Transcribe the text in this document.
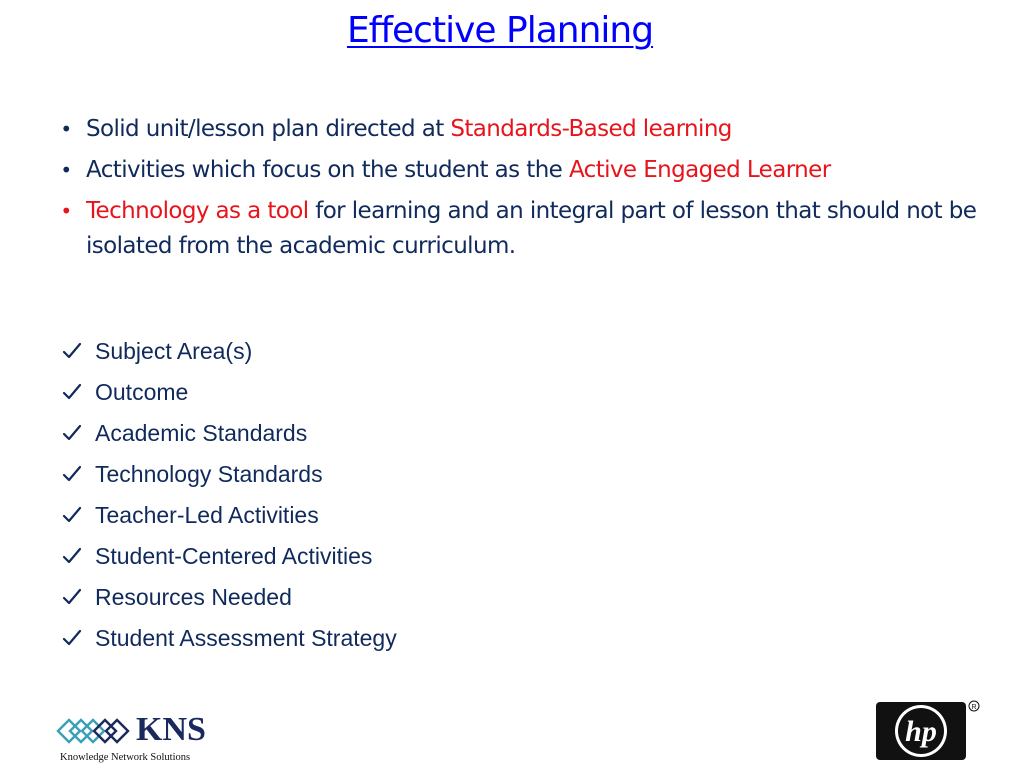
Effective Planning
• Solid unit/lesson plan directed at Standards-Based learning
• Activities which focus on the student as the Active Engaged Learner
• Technology as a tool for learning and an integral part of lesson that should not be isolated from the academic curriculum.
Subject Area(s)
Outcome
Academic Standards
Technology Standards
Teacher-Led Activities
Student-Centered Activities
Resources Needed
Student Assessment Strategy
KNS
Knowledge Network Solutions
hp
R
